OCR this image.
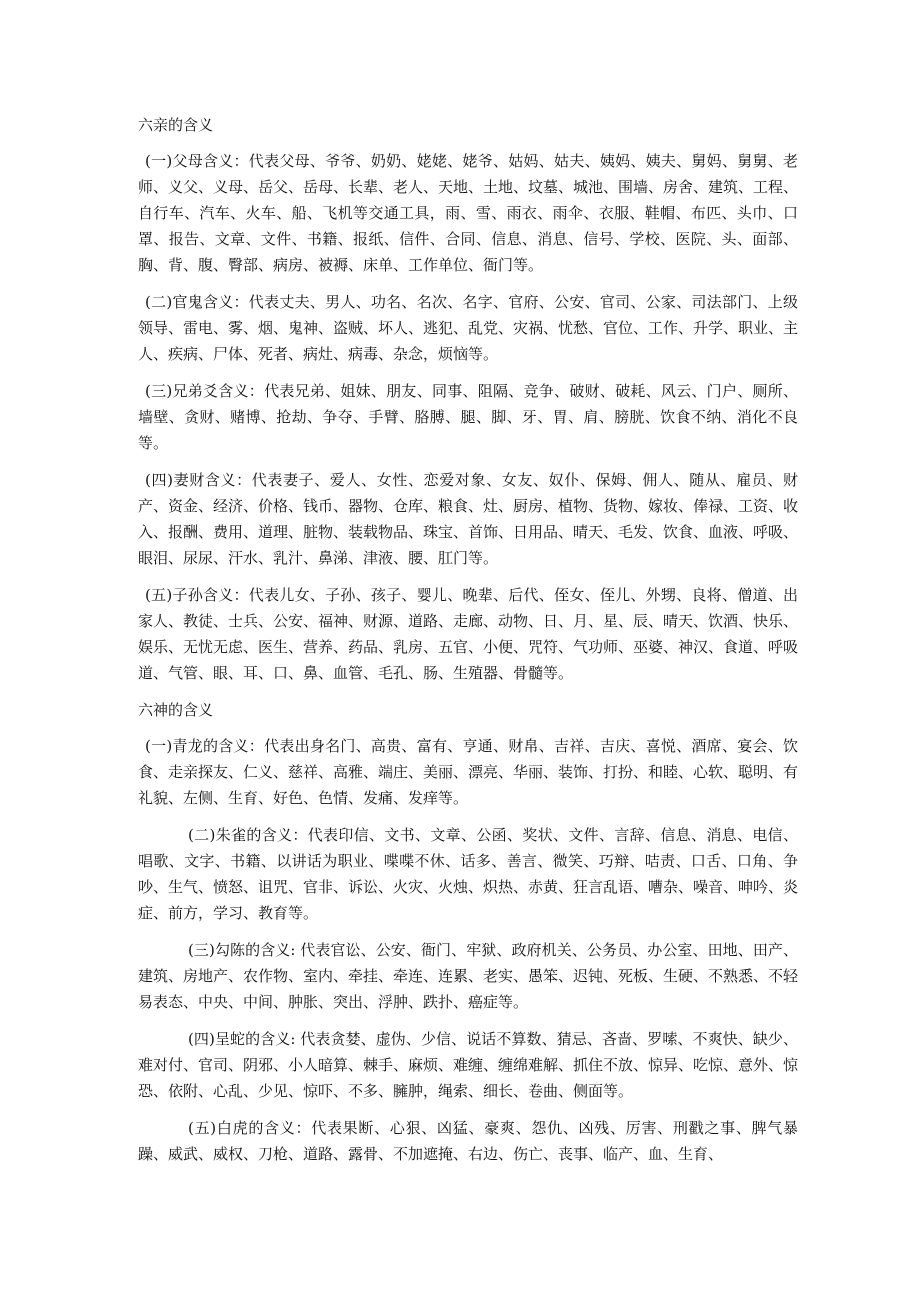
六亲的含义

(一)父母含义：代表父母、爷爷、奶奶、姥姥、姥爷、姑妈、姑夫、姨妈、姨夫、舅妈、舅舅、老师、义父、义母、岳父、岳母、长辈、老人、天地、土地、坟墓、城池、围墙、房舍、建筑、工程、自行车、汽车、火车、船、飞机等交通工具，雨、雪、雨衣、雨伞、衣服、鞋帽、布匹、头巾、口罩、报告、文章、文件、书籍、报纸、信件、合同、信息、消息、信号、学校、医院、头、面部、胸、背、腹、臀部、病房、被褥、床单、工作单位、衙门等。

(二)官鬼含义：代表丈夫、男人、功名、名次、名字、官府、公安、官司、公家、司法部门、上级领导、雷电、雾、烟、鬼神、盗贼、坏人、逃犯、乱党、灾祸、忧愁、官位、工作、升学、职业、主人、疾病、尸体、死者、病灶、病毒、杂念，烦恼等。

(三)兄弟爻含义：代表兄弟、姐妹、朋友、同事、阻隔、竞争、破财、破耗、风云、门户、厕所、墙壁、贪财、赌博、抢劫、争夺、手臂、胳膊、腿、脚、牙、胃、肩、膀胱、饮食不纳、消化不良等。

(四)妻财含义：代表妻子、爱人、女性、恋爱对象、女友、奴仆、保姆、佣人、随从、雇员、财产、资金、经济、价格、钱币、器物、仓库、粮食、灶、厨房、植物、货物、嫁妆、俸禄、工资、收入、报酬、费用、道理、脏物、装载物品、珠宝、首饰、日用品、晴天、毛发、饮食、血液、呼吸、眼泪、尿尿、汗水、乳汁、鼻涕、津液、腰、肛门等。

(五)子孙含义：代表儿女、子孙、孩子、婴儿、晚辈、后代、侄女、侄儿、外甥、良将、僧道、出家人、教徒、士兵、公安、福神、财源、道路、走廊、动物、日、月、星、辰、晴天、饮酒、快乐、娱乐、无忧无虑、医生、营养、药品、乳房、五官、小便、咒符、气功师、巫婆、神汉、食道、呼吸道、气管、眼、耳、口、鼻、血管、毛孔、肠、生殖器、骨髓等。

六神的含义

(一)青龙的含义：代表出身名门、高贵、富有、亨通、财帛、吉祥、吉庆、喜悦、酒席、宴会、饮食、走亲探友、仁义、慈祥、高雅、端庄、美丽、漂亮、华丽、装饰、打扮、和睦、心软、聪明、有礼貌、左侧、生育、好色、色情、发痛、发痒等。

(二)朱雀的含义：代表印信、文书、文章、公函、奖状、文件、言辞、信息、消息、电信、唱歌、文字、书籍、以讲话为职业、喋喋不休、话多、善言、微笑、巧辩、咭责、口舌、口角、争吵、生气、愤怒、诅咒、官非、诉讼、火灾、火烛、炽热、赤黄、狂言乱语、嘈杂、噪音、呻吟、炎症、前方，学习、教育等。

(三)勾陈的含义: 代表官讼、公安、衙门、牢狱、政府机关、公务员、办公室、田地、田产、建筑、房地产、农作物、室内、牵挂、牵连、连累、老实、愚笨、迟钝、死板、生硬、不熟悉、不轻易表态、中央、中间、肿胀、突出、浮肿、跌扑、癌症等。

(四)呈蛇的含义: 代表贪婪、虚伪、少信、说话不算数、猜忌、吝啬、罗嗦、不爽快、缺少、难对付、官司、阴邪、小人暗算、棘手、麻烦、难缠、缠绵难解、抓住不放、惊异、吃惊、意外、惊恐、依附、心乱、少见、惊吓、不多、臃肿，绳索、细长、卷曲、侧面等。

(五)白虎的含义：代表果断、心狠、凶猛、豪爽、怨仇、凶残、厉害、刑戳之事、脾气暴躁、威武、威权、刀枪、道路、露骨、不加遮掩、右边、伤亡、丧事、临产、血、生育、
